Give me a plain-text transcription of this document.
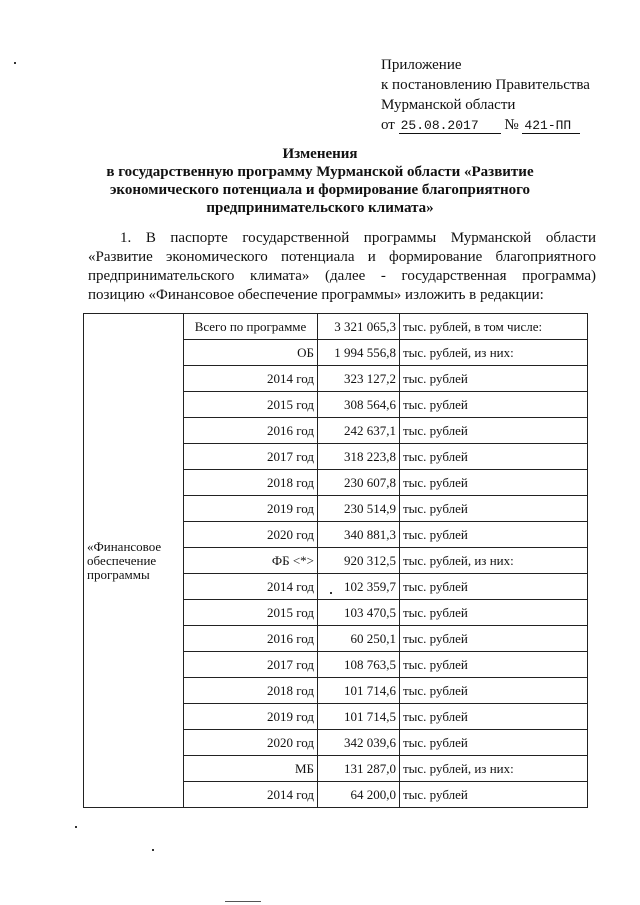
Приложение
к постановлению Правительства
Мурманской области
от 25.08.2017 № 421-ПП
Изменения
в государственную программу Мурманской области «Развитие
экономического потенциала и формирование благоприятного
предпринимательского климата»
1. В паспорте государственной программы Мурманской области
«Развитие экономического потенциала и формирование благоприятного
предпринимательского климата» (далее - государственная программа)
позицию «Финансовое обеспечение программы» изложить в редакции:
«Финансовое обеспечение программы	Всего по программе	3 321 065,3	тыс. рублей, в том числе:
	ОБ	1 994 556,8	тыс. рублей, из них:
	2014 год	323 127,2	тыс. рублей
	2015 год	308 564,6	тыс. рублей
	2016 год	242 637,1	тыс. рублей
	2017 год	318 223,8	тыс. рублей
	2018 год	230 607,8	тыс. рублей
	2019 год	230 514,9	тыс. рублей
	2020 год	340 881,3	тыс. рублей
	ФБ <*>	920 312,5	тыс. рублей, из них:
	2014 год	102 359,7	тыс. рублей
	2015 год	103 470,5	тыс. рублей
	2016 год	60 250,1	тыс. рублей
	2017 год	108 763,5	тыс. рублей
	2018 год	101 714,6	тыс. рублей
	2019 год	101 714,5	тыс. рублей
	2020 год	342 039,6	тыс. рублей
	МБ	131 287,0	тыс. рублей, из них:
	2014 год	64 200,0	тыс. рублей
